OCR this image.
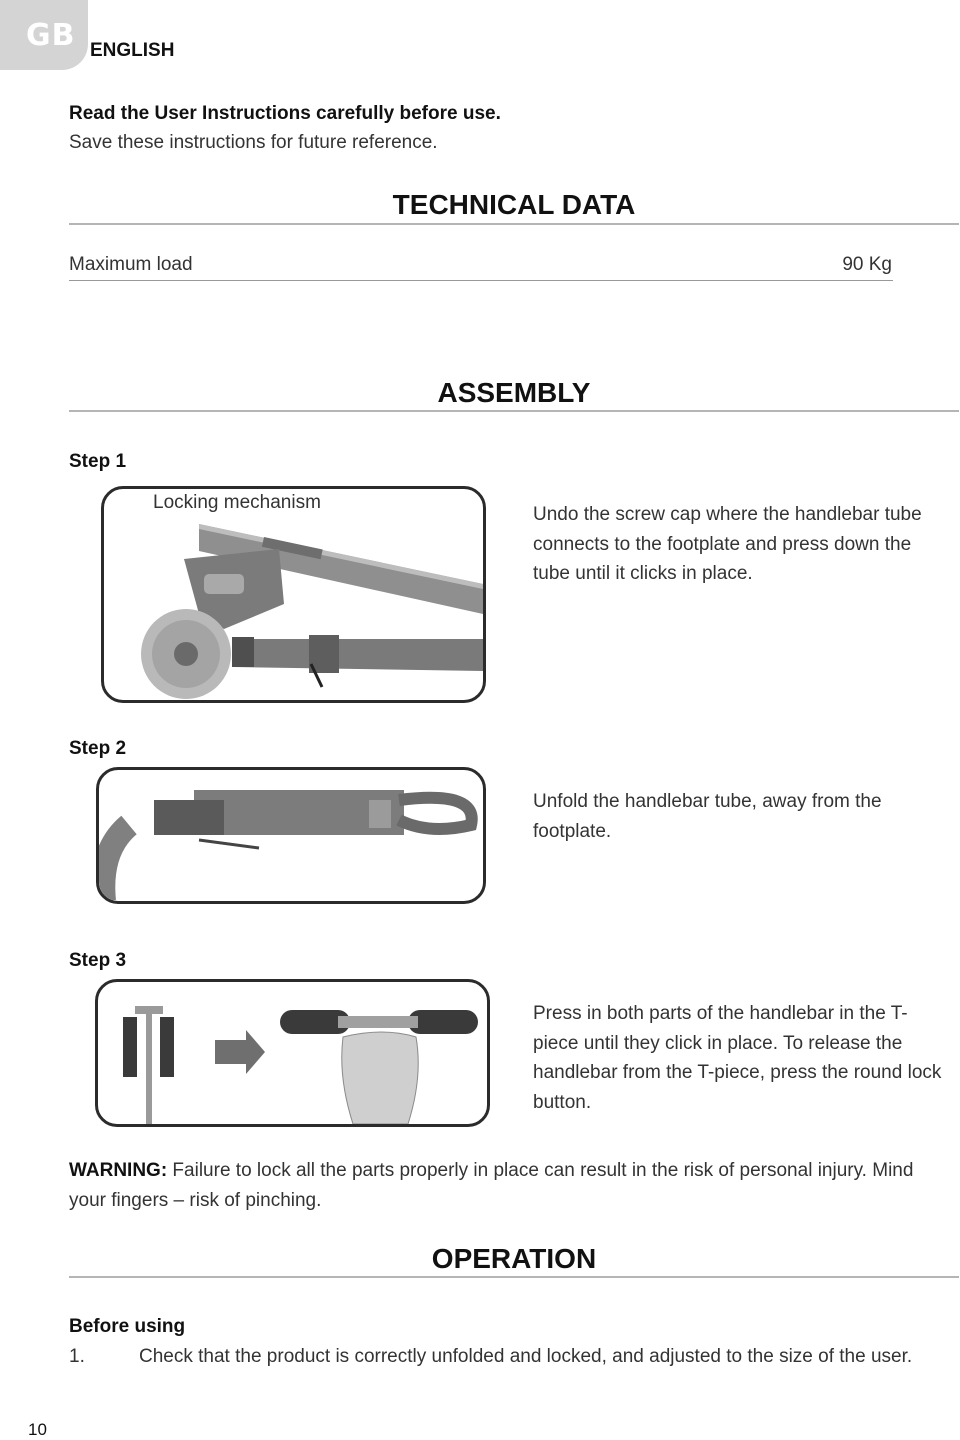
GB ENGLISH
Read the User Instructions carefully before use.
Save these instructions for future reference.
TECHNICAL DATA
Maximum load	90 Kg
ASSEMBLY
Step 1
Locking mechanism
Undo the screw cap where the handlebar tube connects to the footplate and press down the tube until it clicks in place.
Step 2
Unfold the handlebar tube, away from the footplate.
Step 3
Press in both parts of the handlebar in the T-piece until they click in place. To release the handlebar from the T-piece, press the round lock button.
WARNING: Failure to lock all the parts properly in place can result in the risk of personal injury. Mind your fingers – risk of pinching.
OPERATION
Before using
1.	Check that the product is correctly unfolded and locked, and adjusted to the size of the user.
10
